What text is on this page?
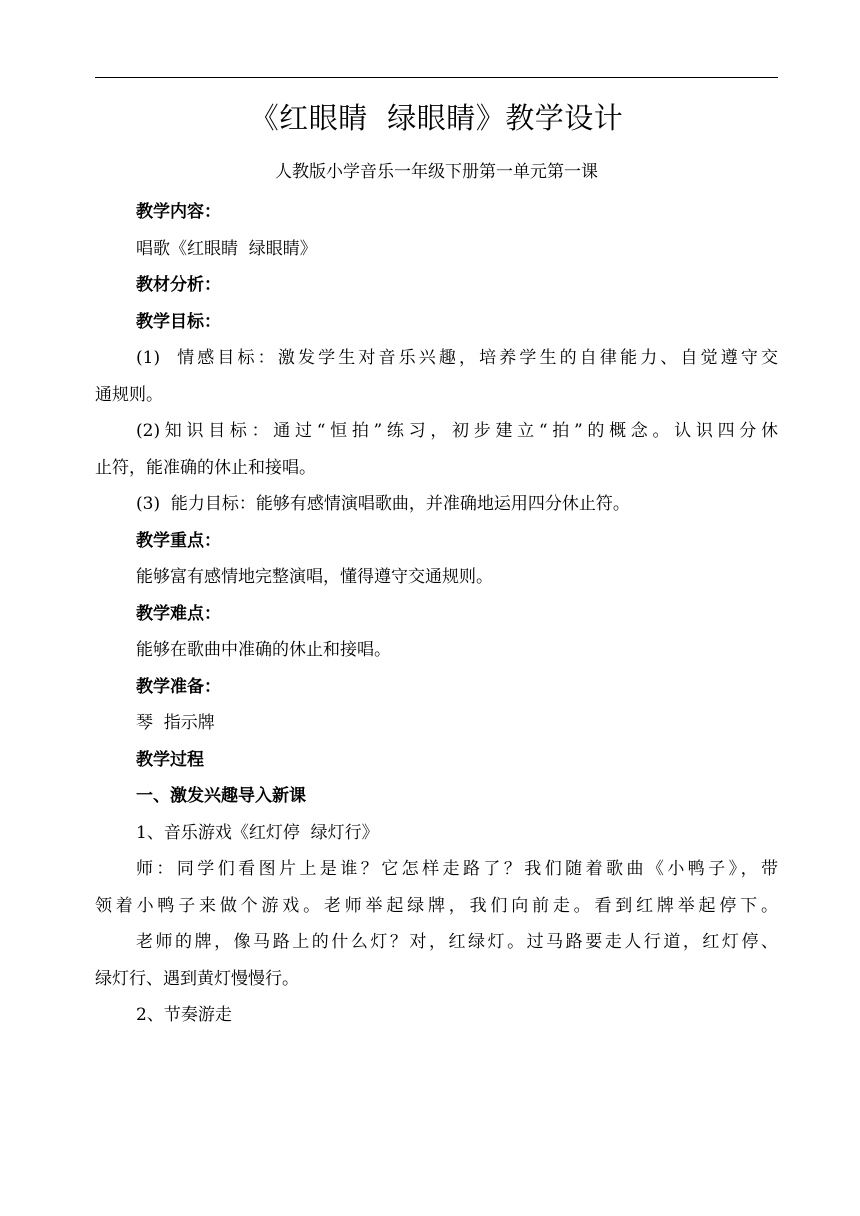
《红眼睛  绿眼睛》教学设计
人教版小学音乐一年级下册第一单元第一课
教学内容：
唱歌《红眼睛  绿眼睛》
教材分析：
教学目标：
(1)  情感目标：激发学生对音乐兴趣，培养学生的自律能力、自觉遵守交
通规则。
(2)知识目标：通过“恒拍”练习，初步建立“拍”的概念。认识四分休
止符，能准确的休止和接唱。
(3)  能力目标：能够有感情演唱歌曲，并准确地运用四分休止符。
教学重点：
能够富有感情地完整演唱，懂得遵守交通规则。
教学难点：
能够在歌曲中准确的休止和接唱。
教学准备：
琴  指示牌
教学过程
一、激发兴趣导入新课
1、音乐游戏《红灯停  绿灯行》
师：同学们看图片上是谁？它怎样走路了？我们随着歌曲《小鸭子》，带
领着小鸭子来做个游戏。老师举起绿牌，我们向前走。看到红牌举起停下。
老师的牌，像马路上的什么灯？对，红绿灯。过马路要走人行道，红灯停、
绿灯行、遇到黄灯慢慢行。
2、节奏游走
